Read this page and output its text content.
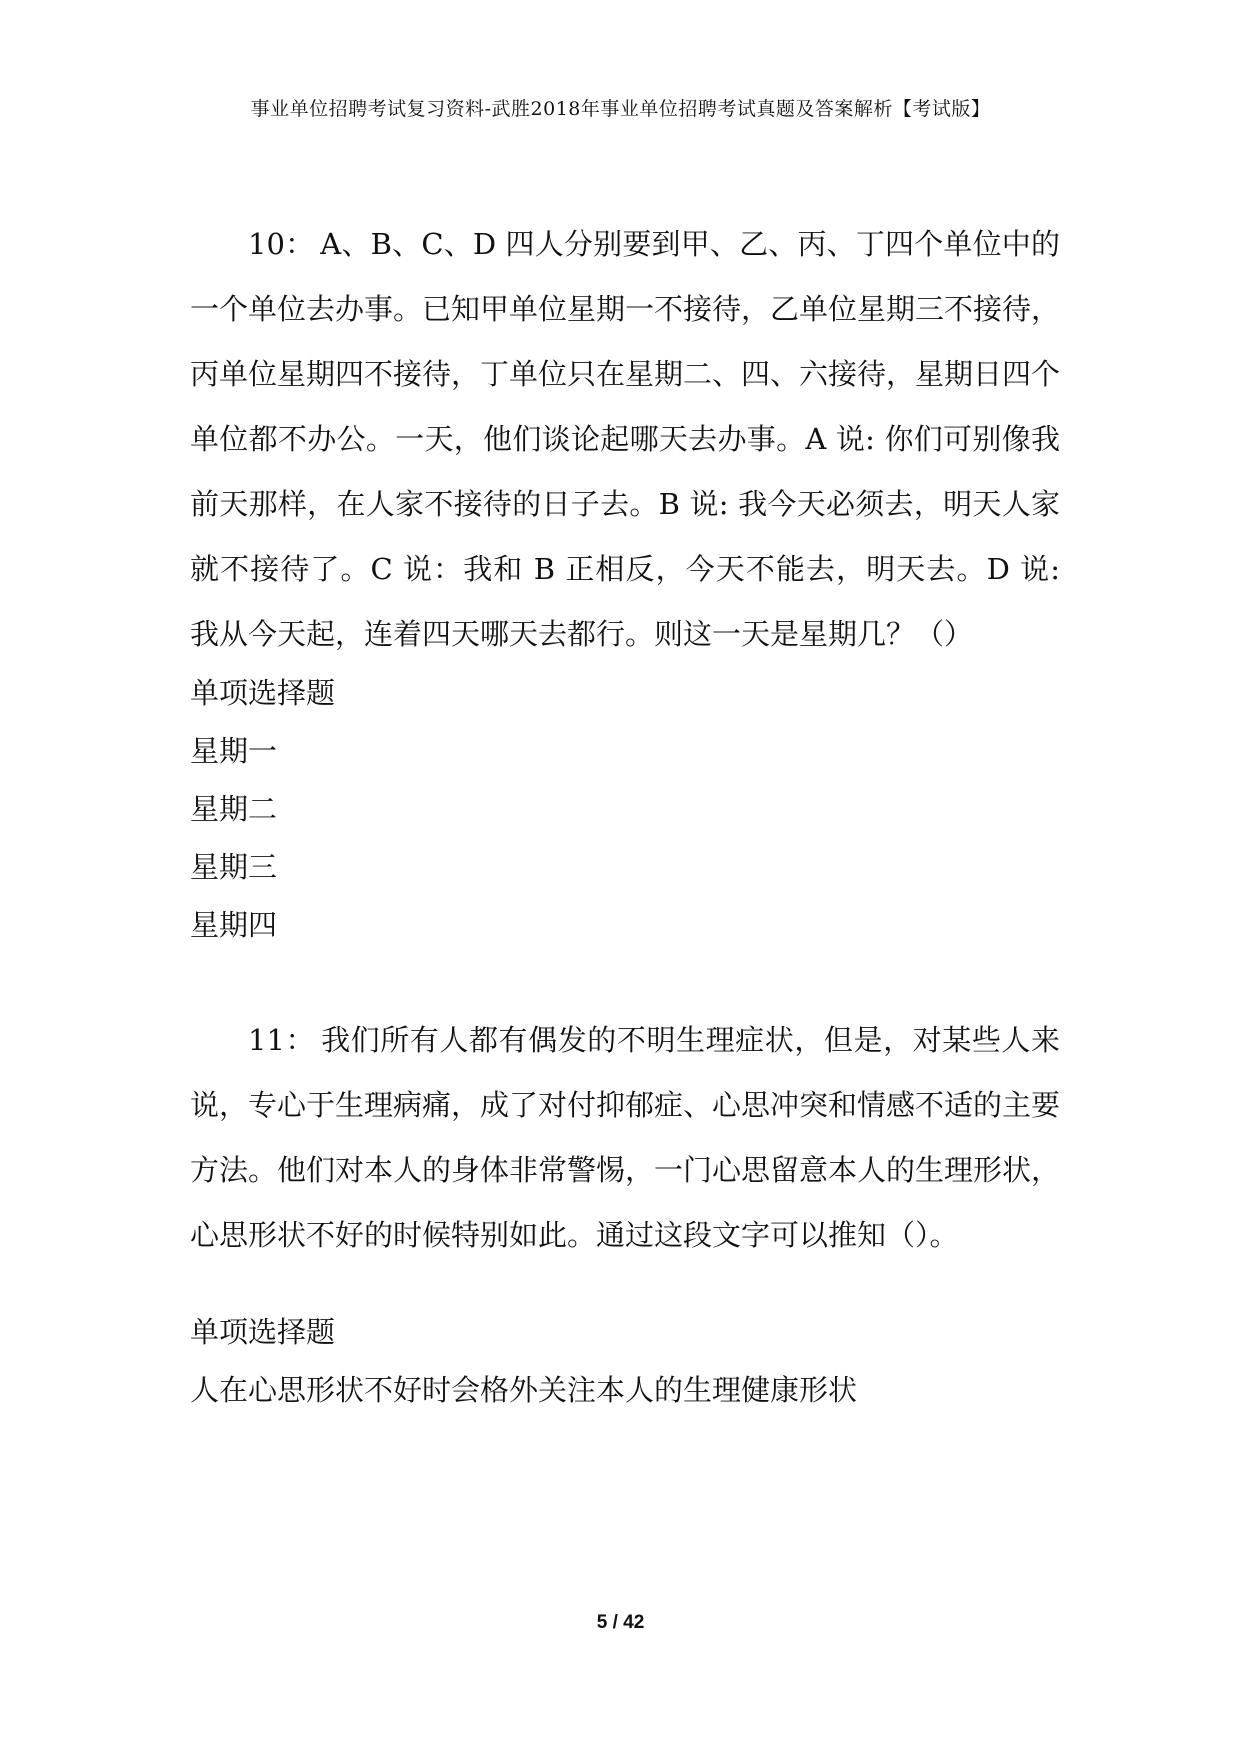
事业单位招聘考试复习资料-武胜2018年事业单位招聘考试真题及答案解析【考试版】

10： A、B、C、D 四人分别要到甲、乙、丙、丁四个单位中的一个单位去办事。已知甲单位星期一不接待，乙单位星期三不接待，丙单位星期四不接待，丁单位只在星期二、四、六接待，星期日四个单位都不办公。一天，他们谈论起哪天去办事。A 说: 你们可别像我前天那样，在人家不接待的日子去。B 说: 我今天必须去，明天人家就不接待了。C 说：我和 B 正相反，今天不能去，明天去。D 说: 我从今天起，连着四天哪天去都行。则这一天是星期几？（）

单项选择题
星期一
星期二
星期三
星期四

11： 我们所有人都有偶发的不明生理症状，但是，对某些人来说，专心于生理病痛，成了对付抑郁症、心思冲突和情感不适的主要方法。他们对本人的身体非常警惕，一门心思留意本人的生理形状，心思形状不好的时候特别如此。通过这段文字可以推知（）。

单项选择题
人在心思形状不好时会格外关注本人的生理健康形状
5 / 42
